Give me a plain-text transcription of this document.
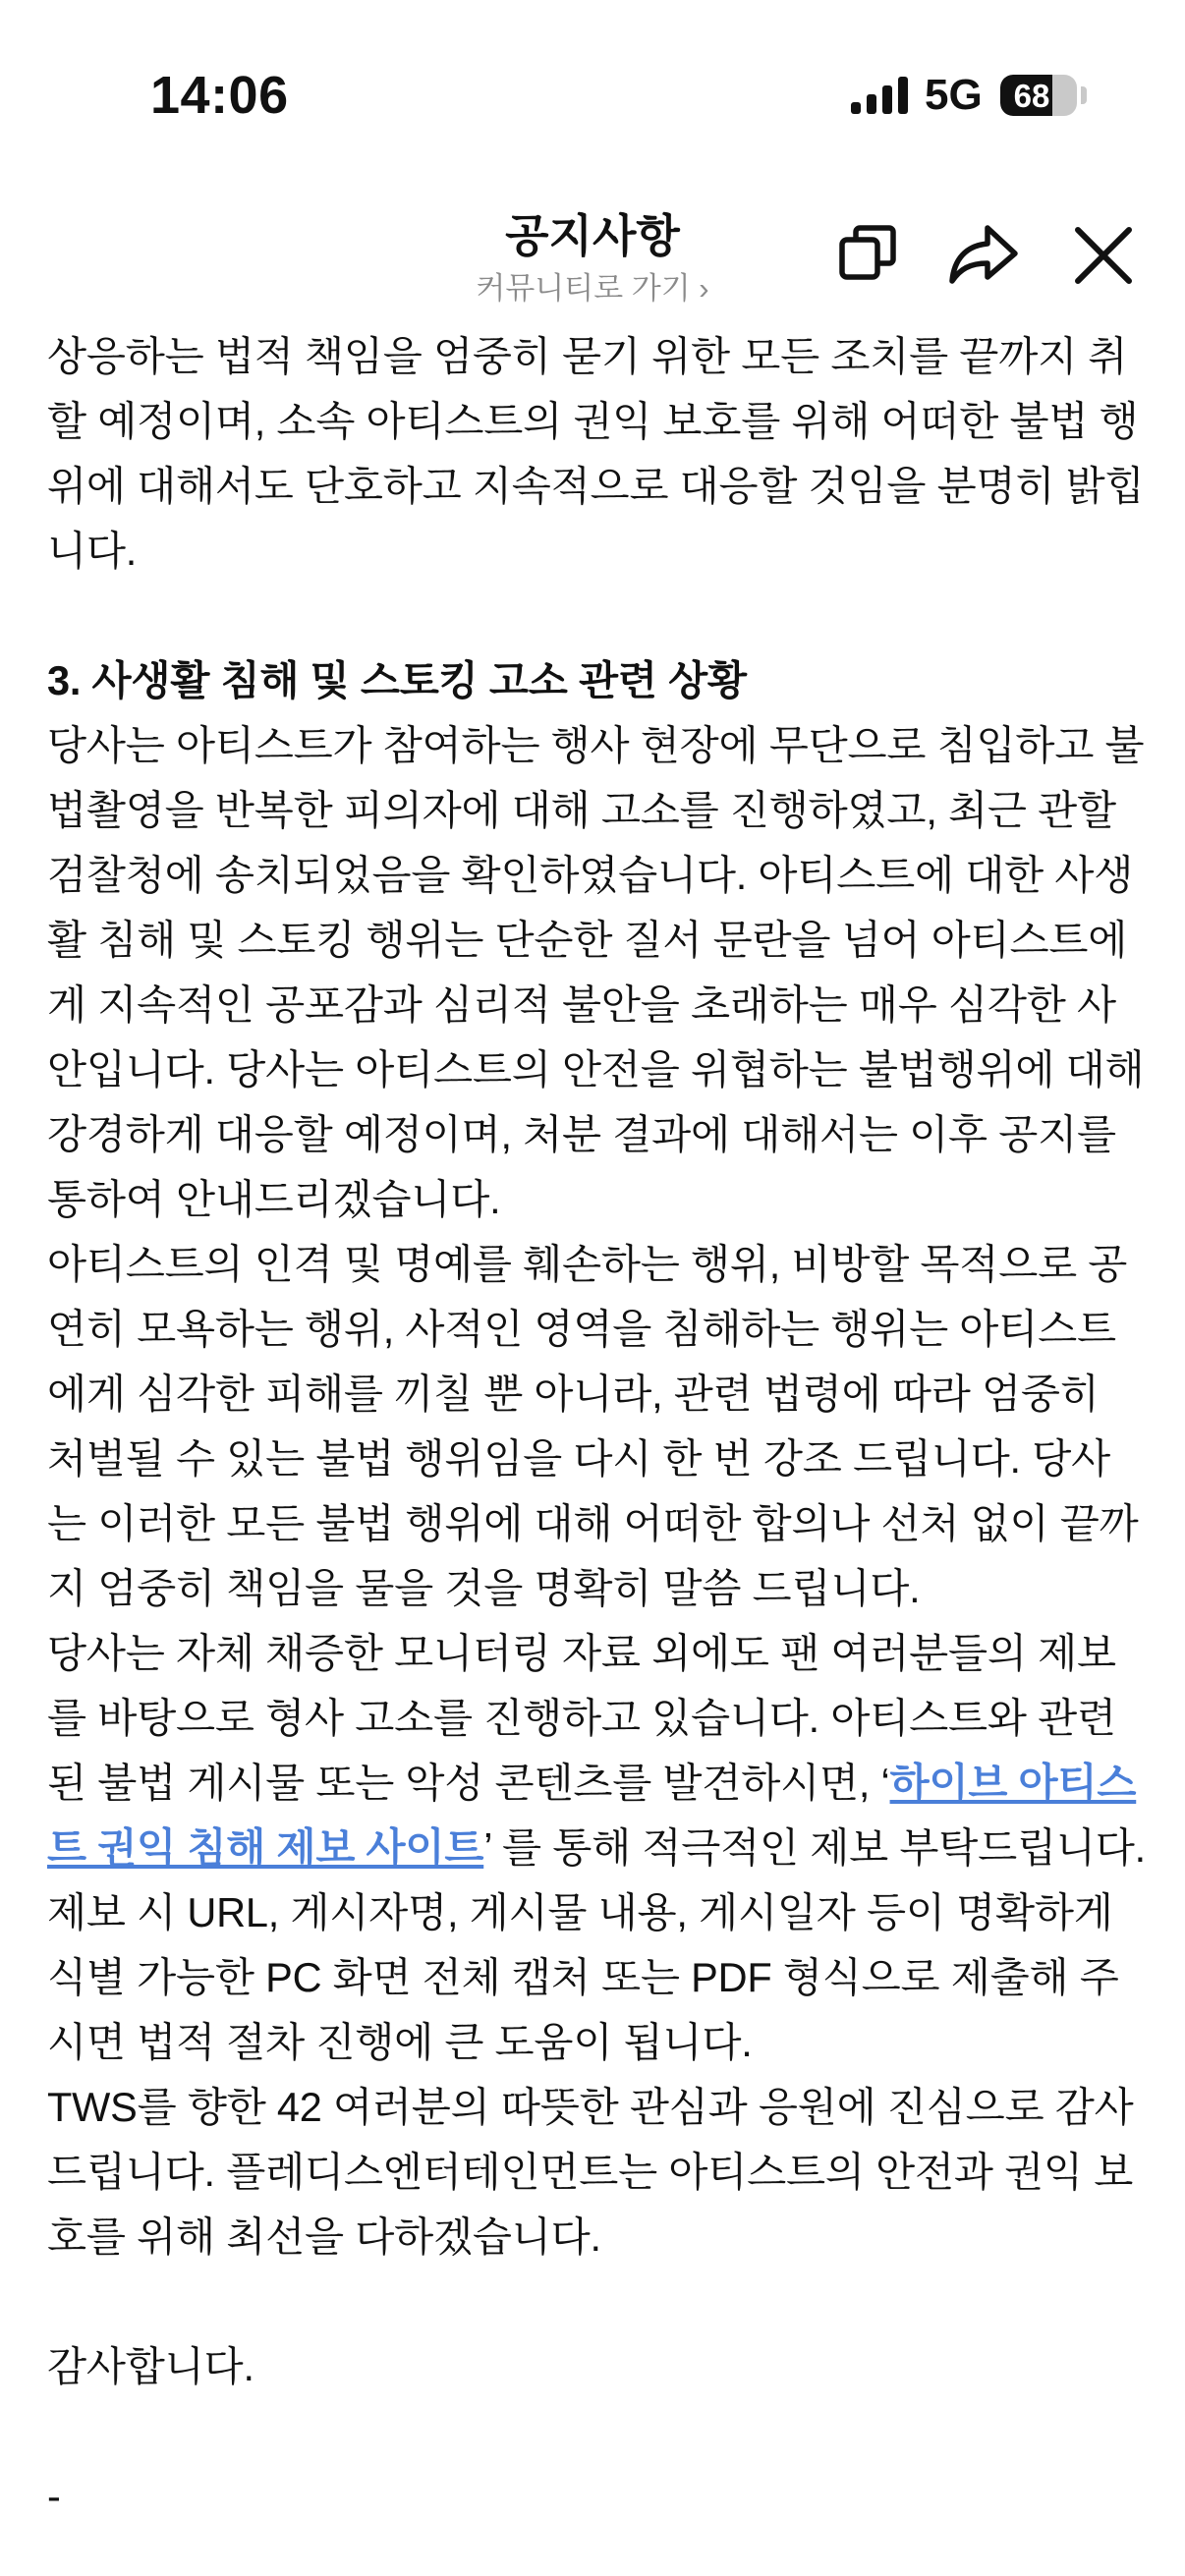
14:06	5G 68
공지사항
커뮤니티로 가기 ›

상응하는 법적 책임을 엄중히 묻기 위한 모든 조치를 끝까지 취할 예정이며, 소속 아티스트의 권익 보호를 위해 어떠한 불법 행위에 대해서도 단호하고 지속적으로 대응할 것임을 분명히 밝힙니다.

3. 사생활 침해 및 스토킹 고소 관련 상황

당사는 아티스트가 참여하는 행사 현장에 무단으로 침입하고 불법촬영을 반복한 피의자에 대해 고소를 진행하였고, 최근 관할 검찰청에 송치되었음을 확인하였습니다. 아티스트에 대한 사생활 침해 및 스토킹 행위는 단순한 질서 문란을 넘어 아티스트에게 지속적인 공포감과 심리적 불안을 초래하는 매우 심각한 사안입니다. 당사는 아티스트의 안전을 위협하는 불법행위에 대해 강경하게 대응할 예정이며, 처분 결과에 대해서는 이후 공지를 통하여 안내드리겠습니다.

아티스트의 인격 및 명예를 훼손하는 행위, 비방할 목적으로 공연히 모욕하는 행위, 사적인 영역을 침해하는 행위는 아티스트에게 심각한 피해를 끼칠 뿐 아니라, 관련 법령에 따라 엄중히 처벌될 수 있는 불법 행위임을 다시 한 번 강조 드립니다. 당사는 이러한 모든 불법 행위에 대해 어떠한 합의나 선처 없이 끝까지 엄중히 책임을 물을 것을 명확히 말씀 드립니다.

당사는 자체 채증한 모니터링 자료 외에도 팬 여러분들의 제보를 바탕으로 형사 고소를 진행하고 있습니다. 아티스트와 관련된 불법 게시물 또는 악성 콘텐츠를 발견하시면, ‘하이브 아티스트 권익 침해 제보 사이트’ 를 통해 적극적인 제보 부탁드립니다. 제보 시 URL, 게시자명, 게시물 내용, 게시일자 등이 명확하게 식별 가능한 PC 화면 전체 캡처 또는 PDF 형식으로 제출해 주시면 법적 절차 진행에 큰 도움이 됩니다.

TWS를 향한 42 여러분의 따뜻한 관심과 응원에 진심으로 감사드립니다. 플레디스엔터테인먼트는 아티스트의 안전과 권익 보호를 위해 최선을 다하겠습니다.

감사합니다.

-
